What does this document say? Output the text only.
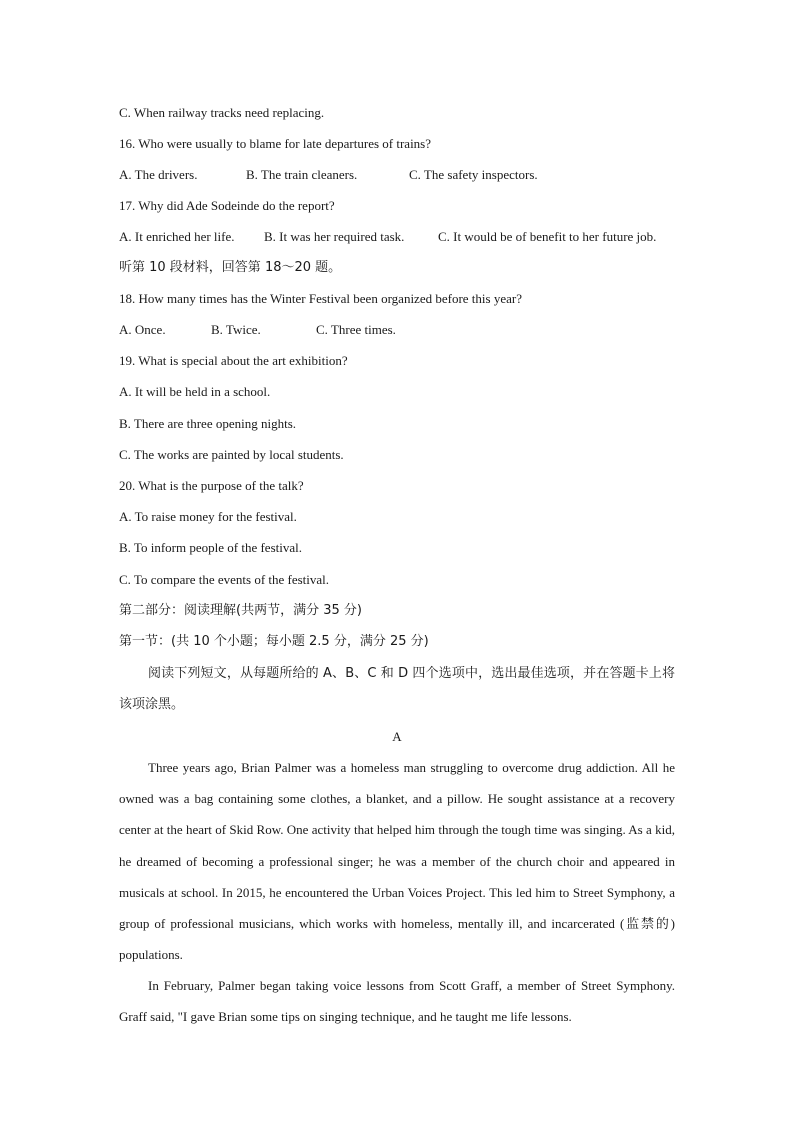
C. When railway tracks need replacing.
16. Who were usually to blame for late departures of trains?
A. The drivers.	B. The train cleaners.	C. The safety inspectors.
17. Why did Ade Sodeinde do the report?
A. It enriched her life. B. It was her required task.	C. It would be of benefit to her future job.
听第 10 段材料，回答第 18～20 题。
18. How many times has the Winter Festival been organized before this year?
A. Once.	B. Twice.	C. Three times.
19. What is special about the art exhibition?
A. It will be held in a school.
B. There are three opening nights.
C. The works are painted by local students.
20. What is the purpose of the talk?
A. To raise money for the festival.
B. To inform people of the festival.
C. To compare the events of the festival.
第二部分：阅读理解(共两节，满分 35 分)
第一节：(共 10 个小题；每小题 2.5 分，满分 25 分)

阅读下列短文，从每题所给的 A、B、C 和 D 四个选项中，选出最佳选项，并在答题卡上将该项涂黑。

A

Three years ago, Brian Palmer was a homeless man struggling to overcome drug addiction. All he owned was a bag containing some clothes, a blanket, and a pillow. He sought assistance at a recovery center at the heart of Skid Row. One activity that helped him through the tough time was singing. As a kid, he dreamed of becoming a professional singer; he was a member of the church choir and appeared in musicals at school. In 2015, he encountered the Urban Voices Project. This led him to Street Symphony, a group of professional musicians, which works with homeless, mentally ill, and incarcerated (监禁的) populations.

In February, Palmer began taking voice lessons from Scott Graff, a member of Street Symphony. Graff said, "I gave Brian some tips on singing technique, and he taught me life lessons.
